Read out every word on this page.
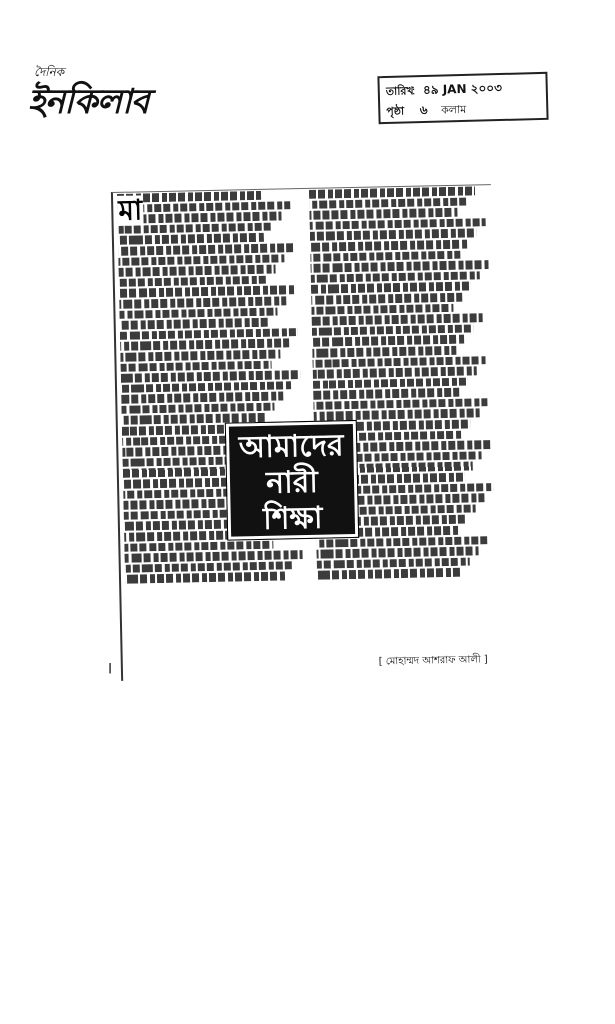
দৈনিক
ইনকিলাব	তারিখ: ৪৯ JAN ২০০৩
পৃষ্ঠা ৬ কলাম
মা
আমাদের
নারী
শিক্ষা
[ মোহাম্মদ আশরাফ আলী ]
׀
